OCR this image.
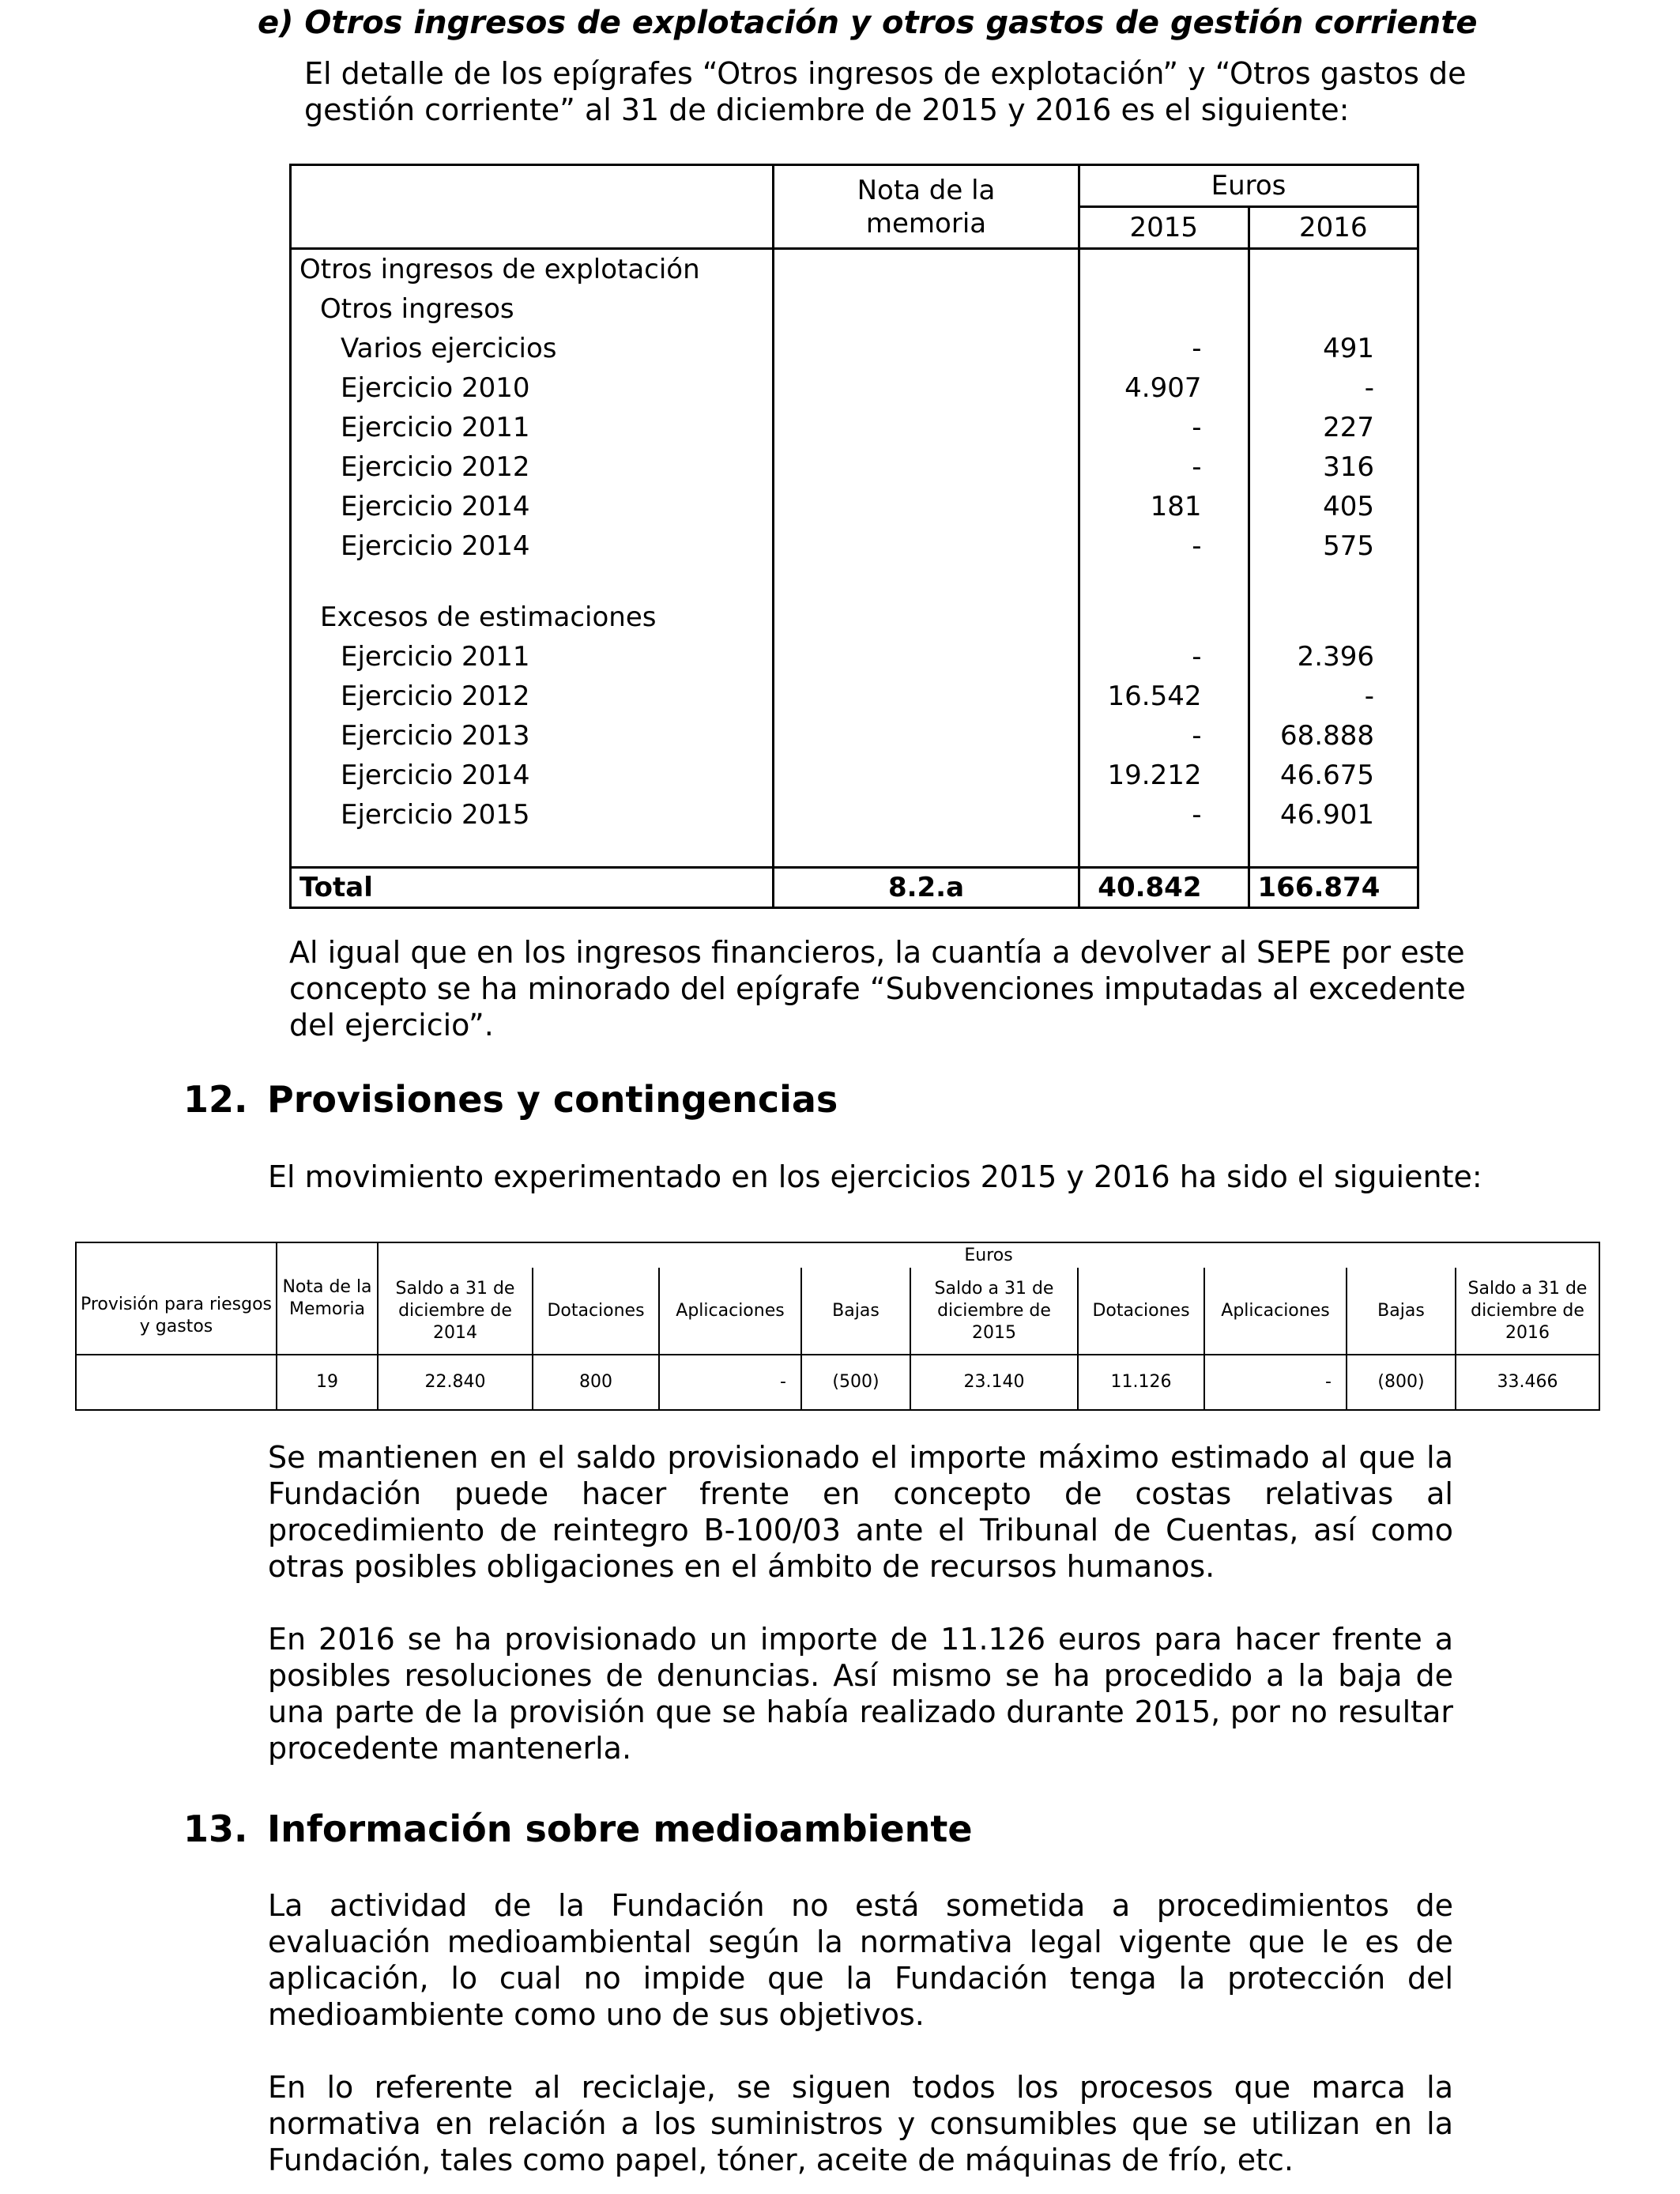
e) Otros ingresos de explotación y otros gastos de gestión corriente
El detalle de los epígrafes “Otros ingresos de explotación” y “Otros gastos de
gestión corriente” al 31 de diciembre de 2015 y 2016 es el siguiente:
	Nota de la memoria	Euros	
		2015	2016
Otros ingresos de explotación			
Otros ingresos			
Varios ejercicios		-	491
Ejercicio 2010		4.907	-
Ejercicio 2011		-	227
Ejercicio 2012		-	316
Ejercicio 2014		181	405
Ejercicio 2014		-	575

Excesos de estimaciones			
Ejercicio 2011		-	2.396
Ejercicio 2012		16.542	-
Ejercicio 2013		-	68.888
Ejercicio 2014		19.212	46.675
Ejercicio 2015		-	46.901

Total	8.2.a	40.842	166.874
Al igual que en los ingresos financieros, la cuantía a devolver al SEPE por este
concepto se ha minorado del epígrafe “Subvenciones imputadas al excedente
del ejercicio”.
12. Provisiones y contingencias
El movimiento experimentado en los ejercicios 2015 y 2016 ha sido el siguiente:
Provisión para riesgos y gastos	Nota de la Memoria	Euros								
		Saldo a 31 de diciembre de 2014	Dotaciones	Aplicaciones	Bajas	Saldo a 31 de diciembre de 2015	Dotaciones	Aplicaciones	Bajas	Saldo a 31 de diciembre de 2016
	19	22.840	800	-	(500)	23.140	11.126	-	(800)	33.466
Se mantienen en el saldo provisionado el importe máximo estimado al que la Fundación puede hacer frente en concepto de costas relativas al procedimiento de reintegro B-100/03 ante el Tribunal de Cuentas, así como otras posibles obligaciones en el ámbito de recursos humanos.
En 2016 se ha provisionado un importe de 11.126 euros para hacer frente a posibles resoluciones de denuncias. Así mismo se ha procedido a la baja de una parte de la provisión que se había realizado durante 2015, por no resultar procedente mantenerla.
13. Información sobre medioambiente
La actividad de la Fundación no está sometida a procedimientos de evaluación medioambiental según la normativa legal vigente que le es de aplicación, lo cual no impide que la Fundación tenga la protección del medioambiente como uno de sus objetivos.
En lo referente al reciclaje, se siguen todos los procesos que marca la normativa en relación a los suministros y consumibles que se utilizan en la Fundación, tales como papel, tóner, aceite de máquinas de frío, etc.
